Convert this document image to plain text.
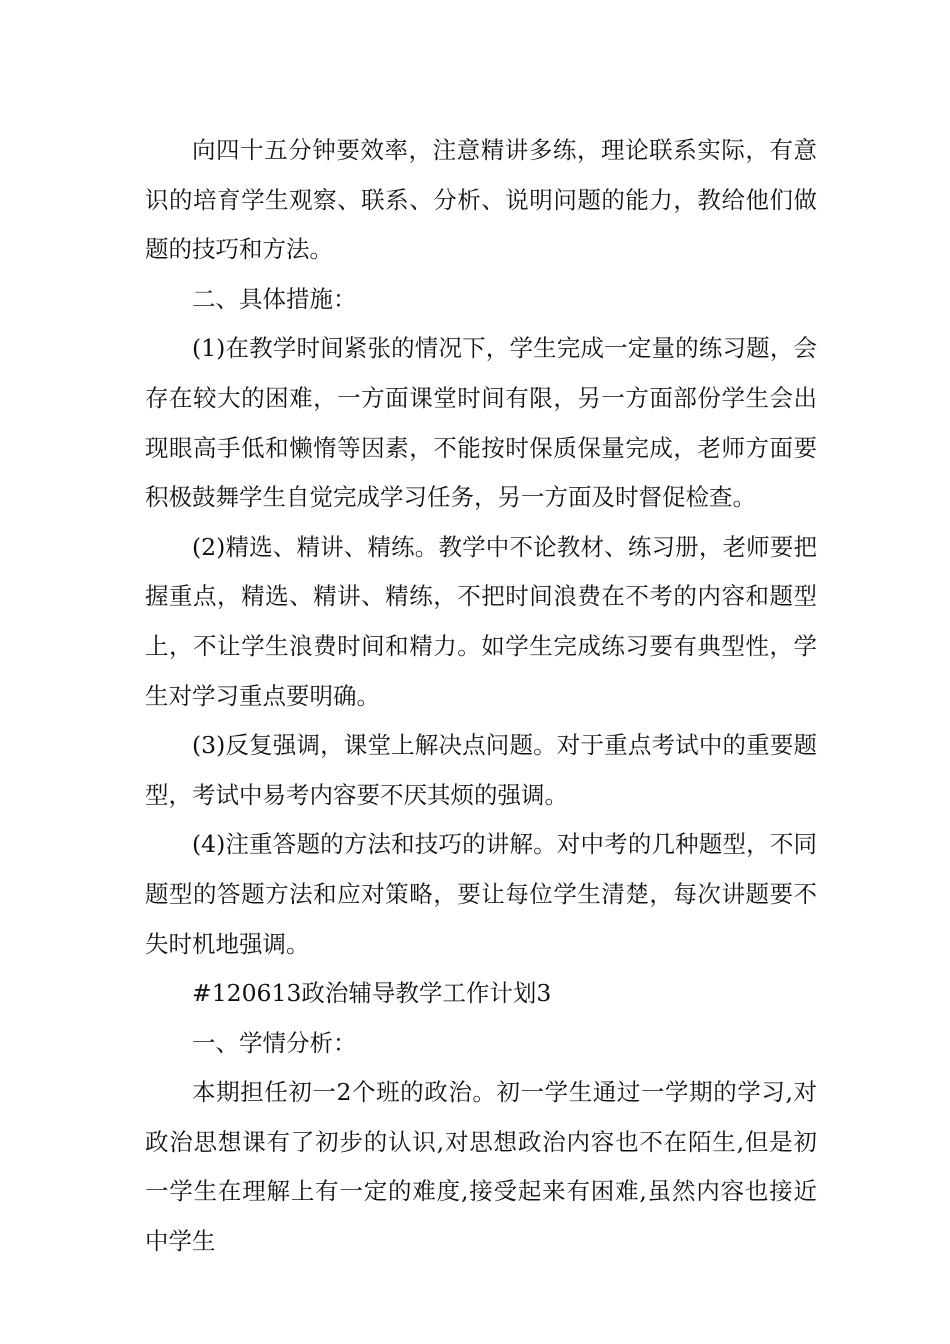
向四十五分钟要效率，注意精讲多练，理论联系实际，有意识的培育学生观察、联系、分析、说明问题的能力，教给他们做题的技巧和方法。

二、具体措施：

(1)在教学时间紧张的情况下，学生完成一定量的练习题，会存在较大的困难，一方面课堂时间有限，另一方面部份学生会出现眼高手低和懒惰等因素，不能按时保质保量完成，老师方面要积极鼓舞学生自觉完成学习任务，另一方面及时督促检查。

(2)精选、精讲、精练。教学中不论教材、练习册，老师要把握重点，精选、精讲、精练，不把时间浪费在不考的内容和题型上，不让学生浪费时间和精力。如学生完成练习要有典型性，学生对学习重点要明确。

(3)反复强调，课堂上解决点问题。对于重点考试中的重要题型，考试中易考内容要不厌其烦的强调。

(4)注重答题的方法和技巧的讲解。对中考的几种题型，不同题型的答题方法和应对策略，要让每位学生清楚，每次讲题要不失时机地强调。

#120613政治辅导教学工作计划3

一、学情分析：

本期担任初一2个班的政治。初一学生通过一学期的学习,对政治思想课有了初步的认识,对思想政治内容也不在陌生,但是初一学生在理解上有一定的难度,接受起来有困难,虽然内容也接近中学生
